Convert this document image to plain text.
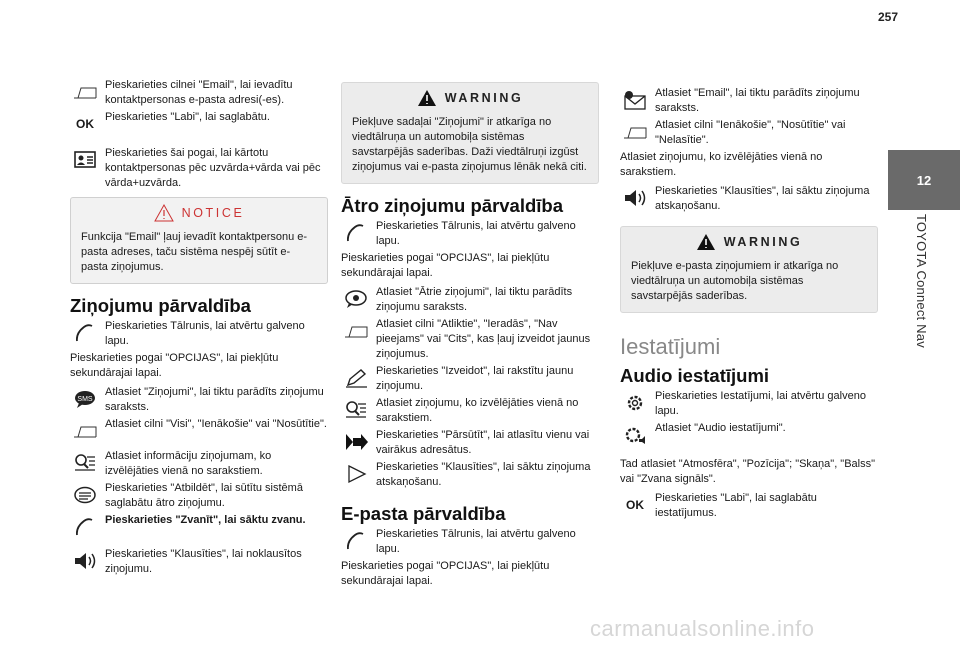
257
12
TOYOTA Connect Nav
Pieskarieties cilnei "Email", lai ievadītu kontaktpersonas e-pasta adresi(-es).
OK	Pieskarieties "Labi", lai saglabātu.
Pieskarieties šai pogai, lai kārtotu kontaktpersonas pēc uzvārda+vārda vai pēc vārda+uzvārda.
NOTICE
Funkcija "Email" ļauj ievadīt kontaktpersonu e-pasta adreses, taču sistēma nespēj sūtīt e-pasta ziņojumus.
Ziņojumu pārvaldība
Pieskarieties Tālrunis, lai atvērtu galveno lapu.
Pieskarieties pogai "OPCIJAS", lai piekļūtu sekundārajai lapai.
SMS
Atlasiet "Ziņojumi", lai tiktu parādīts ziņojumu saraksts.
Atlasiet cilni "Visi", "Ienākošie" vai "Nosūtītie".
Atlasiet informāciju ziņojumam, ko izvēlējāties vienā no sarakstiem.
Pieskarieties "Atbildēt", lai sūtītu sistēmā saglabātu ātro ziņojumu.
Pieskarieties "Zvanīt", lai sāktu zvanu.
Pieskarieties "Klausīties", lai noklausītos ziņojumu.
WARNING
Piekļuve sadaļai "Ziņojumi" ir atkarīga no viedtālruņa un automobiļa sistēmas savstarpējās saderības. Daži viedtālruņi izgūst ziņojumus vai e-pasta ziņojumus lēnāk nekā citi.
Ātro ziņojumu pārvaldība
Pieskarieties Tālrunis, lai atvērtu galveno lapu.
Pieskarieties pogai "OPCIJAS", lai piekļūtu sekundārajai lapai.
Atlasiet "Ātrie ziņojumi", lai tiktu parādīts ziņojumu saraksts.
Atlasiet cilni "Atliktie", "Ieradās", "Nav pieejams" vai "Cits", kas ļauj izveidot jaunus ziņojumus.
Pieskarieties "Izveidot", lai rakstītu jaunu ziņojumu.
Atlasiet ziņojumu, ko izvēlējāties vienā no sarakstiem.
Pieskarieties "Pārsūtīt", lai atlasītu vienu vai vairākus adresātus.
Pieskarieties "Klausīties", lai sāktu ziņojuma atskaņošanu.
E-pasta pārvaldība
Pieskarieties Tālrunis, lai atvērtu galveno lapu.
Pieskarieties pogai "OPCIJAS", lai piekļūtu sekundārajai lapai.
Atlasiet "Email", lai tiktu parādīts ziņojumu saraksts.
Atlasiet cilni "Ienākošie", "Nosūtītie" vai "Nelasītie".
Atlasiet ziņojumu, ko izvēlējāties vienā no sarakstiem.
Pieskarieties "Klausīties", lai sāktu ziņojuma atskaņošanu.
WARNING
Piekļuve e-pasta ziņojumiem ir atkarīga no viedtālruņa un automobiļa sistēmas savstarpējās saderības.
Iestatījumi
Audio iestatījumi
Pieskarieties Iestatījumi, lai atvērtu galveno lapu.
Atlasiet "Audio iestatījumi".
Tad atlasiet "Atmosfēra", "Pozīcija"; "Skaņa", "Balss" vai "Zvana signāls".
OK	Pieskarieties "Labi", lai saglabātu iestatījumus.
carmanualsonline.info
